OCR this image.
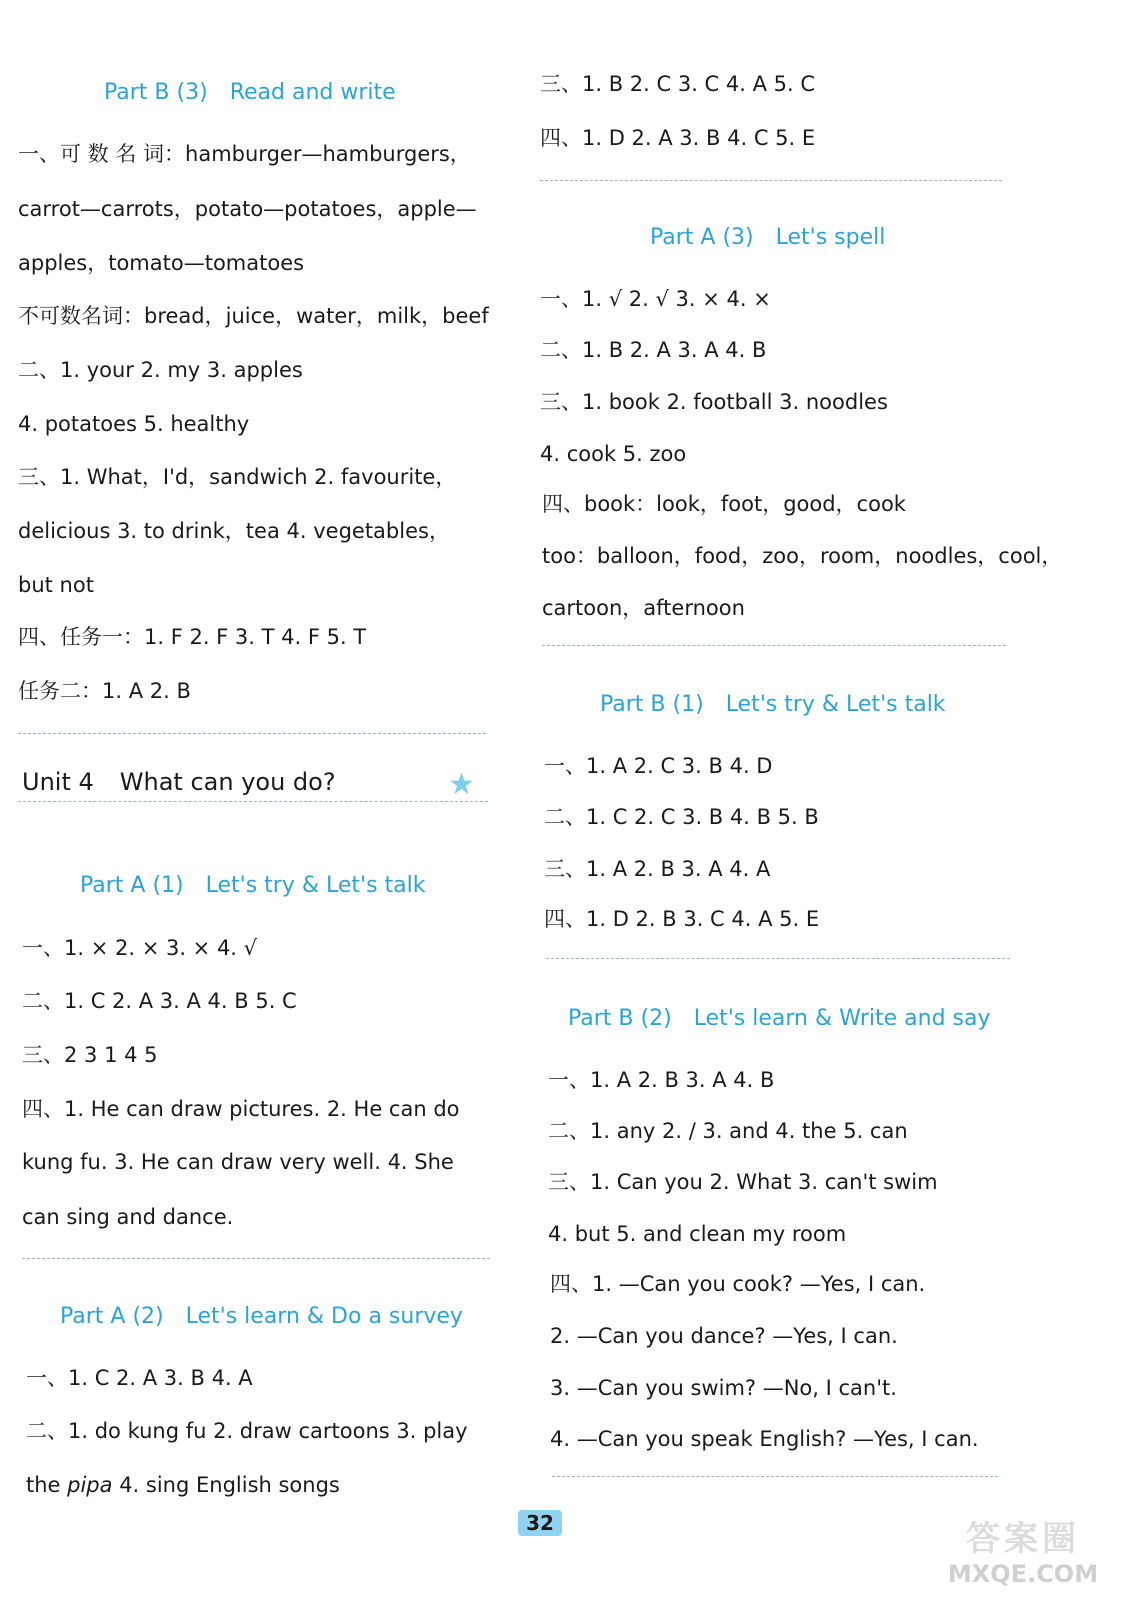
Part B (3) Read and write
一、可 数 名 词：hamburger—hamburgers，
carrot—carrots，potato—potatoes，apple—
apples，tomato—tomatoes
不可数名词：bread，juice，water，milk，beef
二、1. your 2. my 3. apples
4. potatoes 5. healthy
三、1. What，I'd，sandwich 2. favourite，
delicious 3. to drink，tea 4. vegetables，
but not
四、任务一：1. F 2. F 3. T 4. F 5. T
任务二：1. A 2. B
Unit 4 What can you do?	★
Part A (1) Let's try & Let's talk
一、1. × 2. × 3. × 4. √
二、1. C 2. A 3. A 4. B 5. C
三、2 3 1 4 5
四、1. He can draw pictures. 2. He can do
kung fu. 3. He can draw very well. 4. She
can sing and dance.
Part A (2) Let's learn & Do a survey
一、1. C 2. A 3. B 4. A
二、1. do kung fu 2. draw cartoons 3. play
the pipa 4. sing English songs
三、1. B 2. C 3. C 4. A 5. C
四、1. D 2. A 3. B 4. C 5. E
Part A (3) Let's spell
一、1. √ 2. √ 3. × 4. ×
二、1. B 2. A 3. A 4. B
三、1. book 2. football 3. noodles
4. cook 5. zoo
四、book：look，foot，good，cook
too：balloon，food，zoo，room，noodles，cool，
cartoon，afternoon
Part B (1) Let's try & Let's talk
一、1. A 2. C 3. B 4. D
二、1. C 2. C 3. B 4. B 5. B
三、1. A 2. B 3. A 4. A
四、1. D 2. B 3. C 4. A 5. E
Part B (2) Let's learn & Write and say
一、1. A 2. B 3. A 4. B
二、1. any 2. / 3. and 4. the 5. can
三、1. Can you 2. What 3. can't swim
4. but 5. and clean my room
四、1. —Can you cook? —Yes, I can.
2. —Can you dance? —Yes, I can.
3. —Can you swim? —No, I can't.
4. —Can you speak English? —Yes, I can.
32	答案圈
MXQE.COM
